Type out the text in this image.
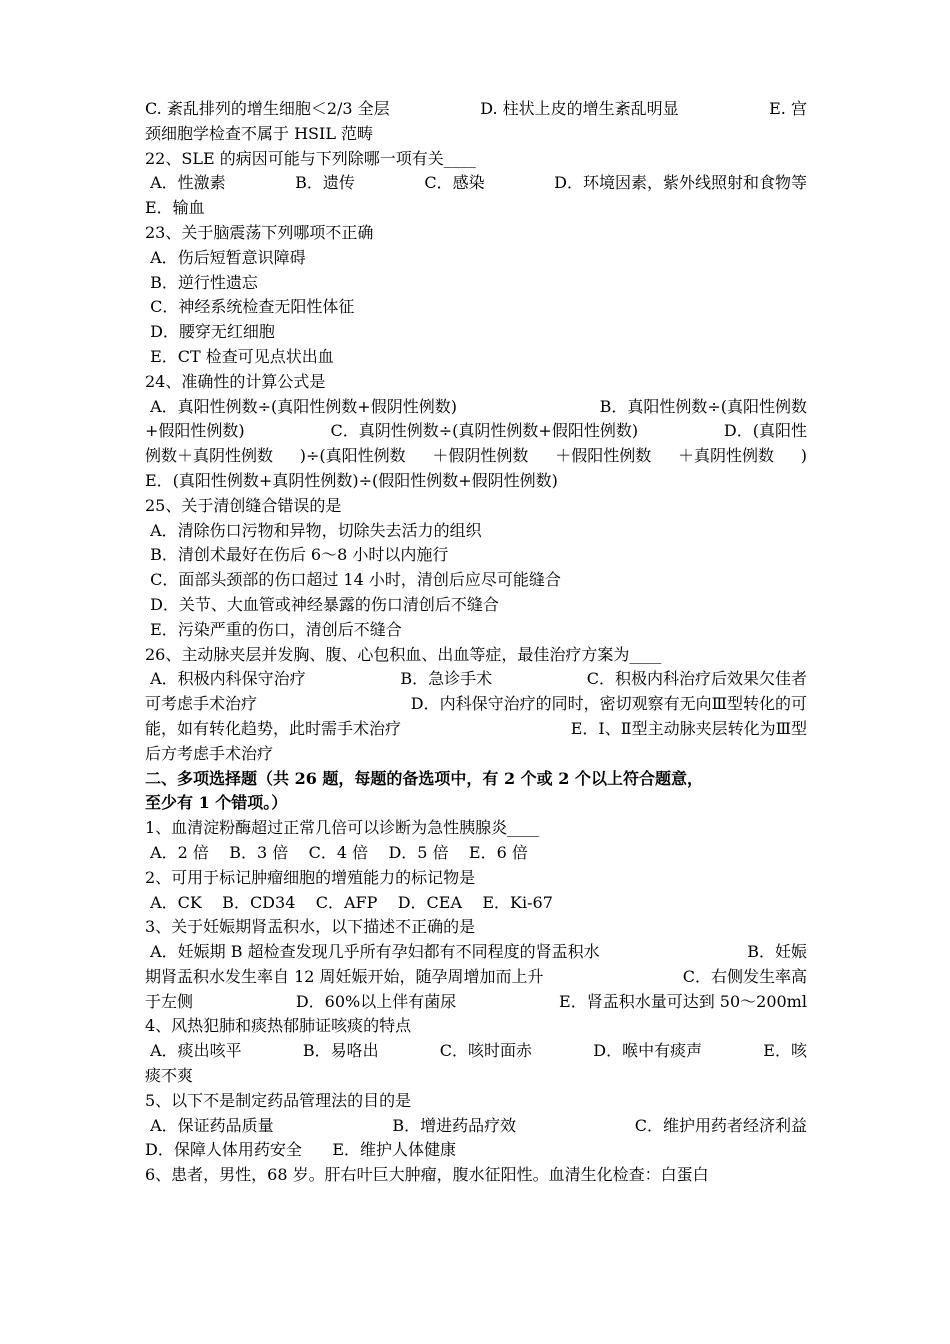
C. 紊乱排列的增生细胞＜2/3 全层	D. 柱状上皮的增生紊乱明显	E. 宫
颈细胞学检查不属于 HSIL 范畴
22、SLE 的病因可能与下列除哪一项有关____
A．性激素	B．遗传	C．感染	D．环境因素，紫外线照射和食物等
E．输血
23、关于脑震荡下列哪项不正确
A．伤后短暂意识障碍
B．逆行性遗忘
C．神经系统检查无阳性体征
D．腰穿无红细胞
E．CT 检查可见点状出血
24、准确性的计算公式是
A．真阳性例数÷(真阳性例数+假阴性例数)	B．真阳性例数÷(真阳性例数
+假阳性例数)	C．真阴性例数÷(真阴性例数+假阳性例数)	D．(真阳性
例数＋真阴性例数 )÷(真阳性例数 ＋假阴性例数 ＋假阳性例数 ＋真阴性例数 )
E．(真阳性例数+真阴性例数)÷(假阳性例数+假阴性例数)
25、关于清创缝合错误的是
A．清除伤口污物和异物，切除失去活力的组织
B．清创术最好在伤后 6～8 小时以内施行
C．面部头颈部的伤口超过 14 小时，清创后应尽可能缝合
D．关节、大血管或神经暴露的伤口清创后不缝合
E．污染严重的伤口，清创后不缝合
26、主动脉夹层并发胸、腹、心包积血、出血等症，最佳治疗方案为____
A．积极内科保守治疗	B．急诊手术	C．积极内科治疗后效果欠佳者
可考虑手术治疗	D．内科保守治疗的同时，密切观察有无向Ⅲ型转化的可
能，如有转化趋势，此时需手术治疗	E．Ⅰ、Ⅱ型主动脉夹层转化为Ⅲ型
后方考虑手术治疗
二、多项选择题（共 26 题，每题的备选项中，有 2 个或 2 个以上符合题意，
至少有 1 个错项。）
1、血清淀粉酶超过正常几倍可以诊断为急性胰腺炎____
A．2 倍    B．3 倍    C．4 倍    D．5 倍    E．6 倍
2、可用于标记肿瘤细胞的增殖能力的标记物是
A．CK    B．CD34    C．AFP    D．CEA    E．Ki-67
3、关于妊娠期肾盂积水，以下描述不正确的是
A．妊娠期 B 超检查发现几乎所有孕妇都有不同程度的肾盂积水	B．妊娠
期肾盂积水发生率自 12 周妊娠开始，随孕周增加而上升	C．右侧发生率高
于左侧	D．60%以上伴有菌尿	E．肾盂积水量可达到 50～200ml
4、风热犯肺和痰热郁肺证咳痰的特点
A．痰出咳平	B．易咯出	C．咳时面赤	D．喉中有痰声	E．咳
痰不爽
5、以下不是制定药品管理法的目的是
A．保证药品质量	B．增进药品疗效	C．维护用药者经济利益
D．保障人体用药安全      E．维护人体健康
6、患者，男性，68 岁。肝右叶巨大肿瘤，腹水征阳性。血清生化检查：白蛋白
